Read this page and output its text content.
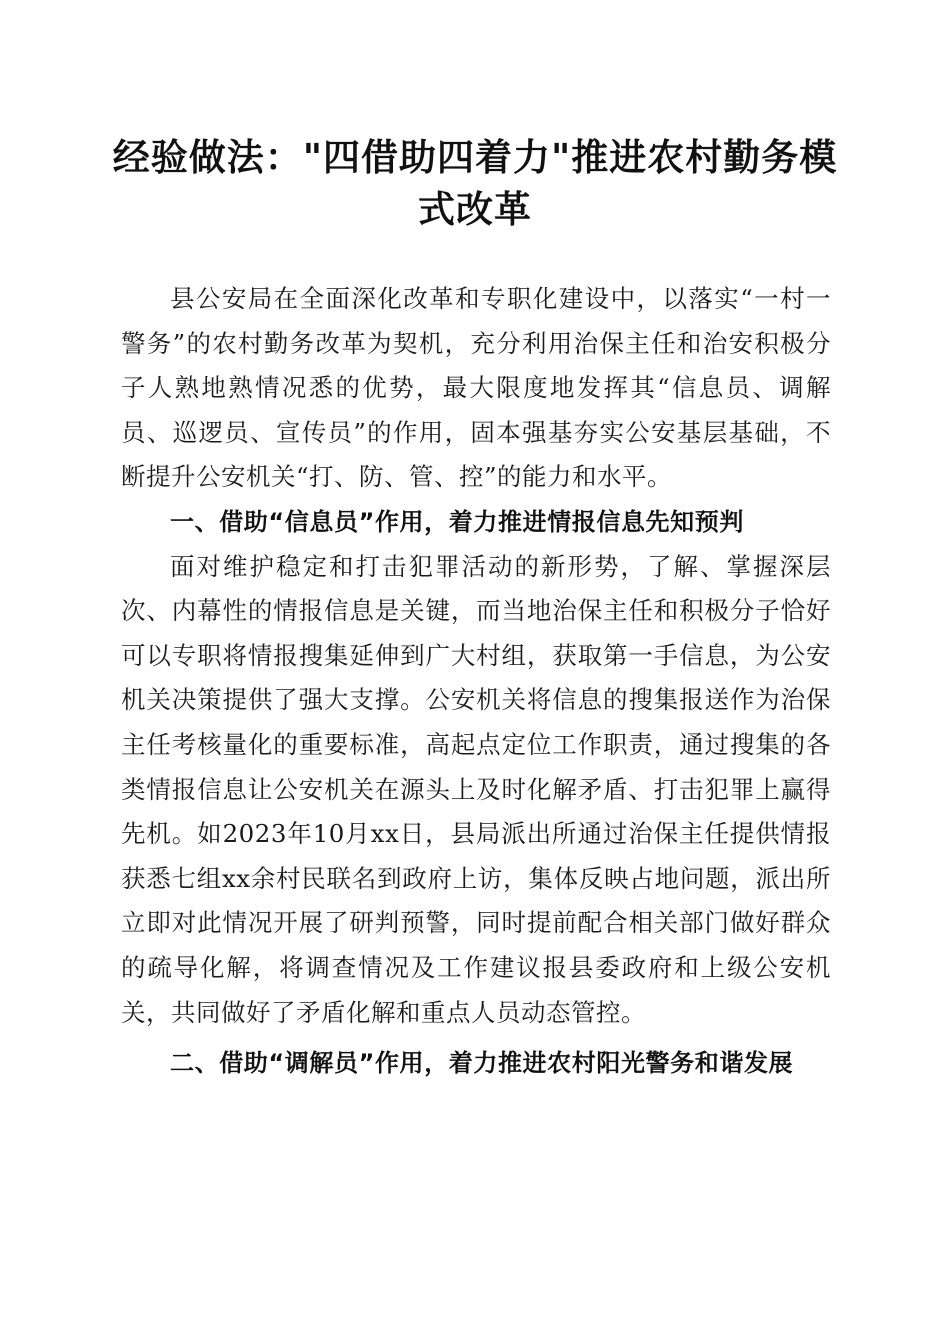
经验做法："四借助四着力"推进农村勤务模式改革

县公安局在全面深化改革和专职化建设中，以落实“一村一警务”的农村勤务改革为契机，充分利用治保主任和治安积极分子人熟地熟情况悉的优势，最大限度地发挥其“信息员、调解员、巡逻员、宣传员”的作用，固本强基夯实公安基层基础，不断提升公安机关“打、防、管、控”的能力和水平。

一、借助“信息员”作用，着力推进情报信息先知预判

面对维护稳定和打击犯罪活动的新形势，了解、掌握深层次、内幕性的情报信息是关键，而当地治保主任和积极分子恰好可以专职将情报搜集延伸到广大村组，获取第一手信息，为公安机关决策提供了强大支撑。公安机关将信息的搜集报送作为治保主任考核量化的重要标准，高起点定位工作职责，通过搜集的各类情报信息让公安机关在源头上及时化解矛盾、打击犯罪上赢得先机。如2023年10月xx日，县局派出所通过治保主任提供情报获悉七组xx余村民联名到政府上访，集体反映占地问题，派出所立即对此情况开展了研判预警，同时提前配合相关部门做好群众的疏导化解，将调查情况及工作建议报县委政府和上级公安机关，共同做好了矛盾化解和重点人员动态管控。

二、借助“调解员”作用，着力推进农村阳光警务和谐发展
